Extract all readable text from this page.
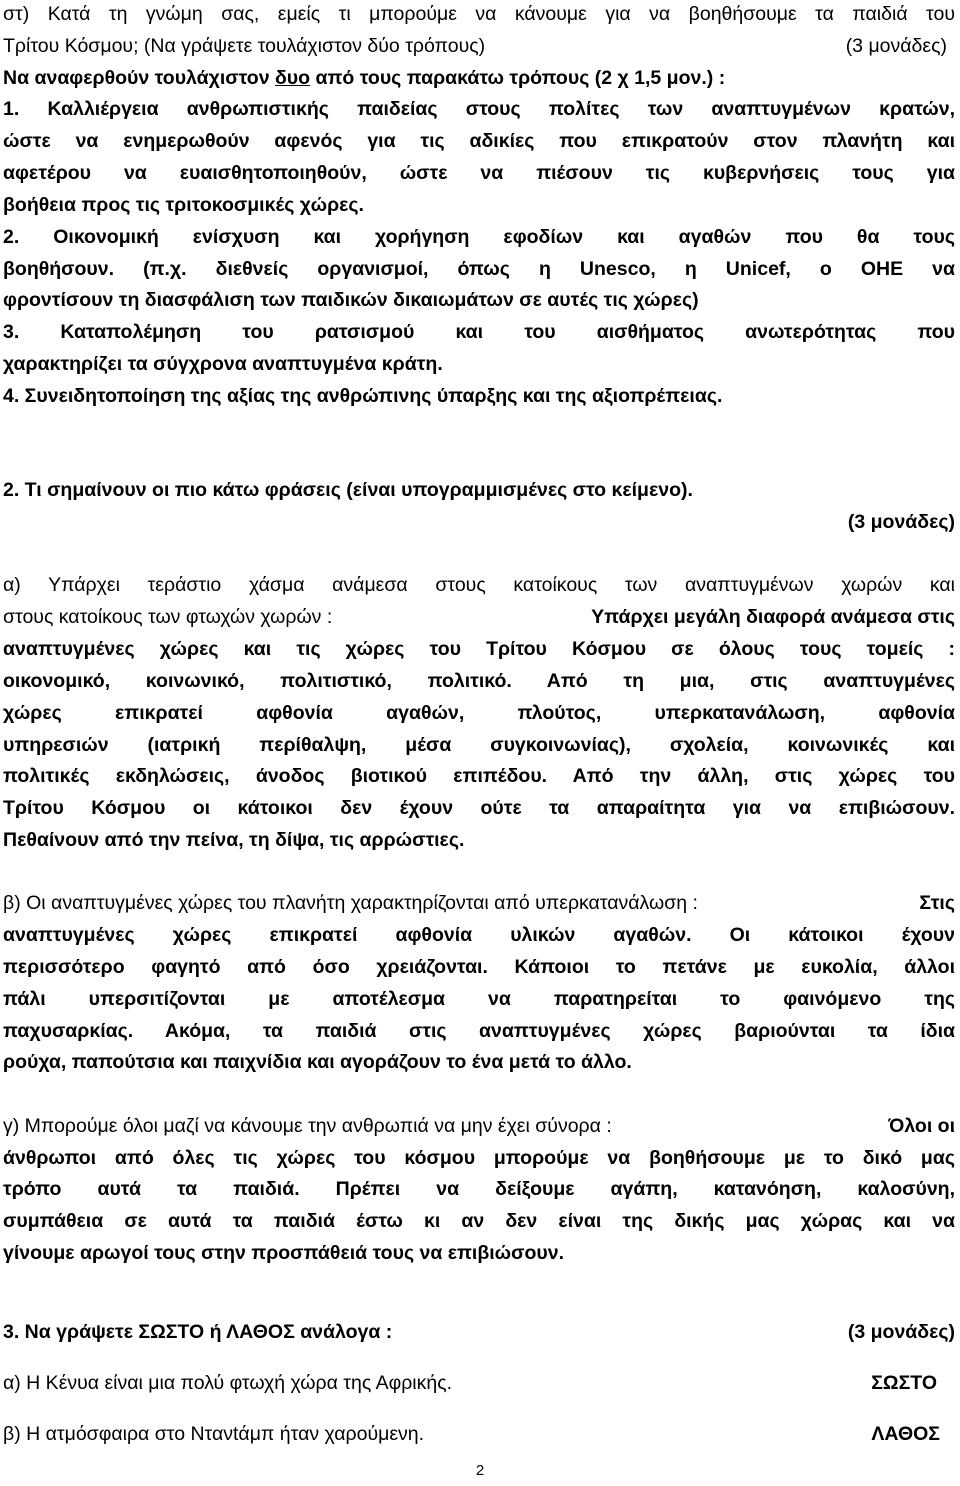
στ) Κατά τη γνώμη σας, εμείς τι μπορούμε να κάνουμε για να βοηθήσουμε τα παιδιά του
Τρίτου Κόσμου; (Να γράψετε τουλάχιστον δύο τρόπους)	(3 μονάδες)
Να αναφερθούν τουλάχιστον δυο από τους παρακάτω τρόπους (2 χ 1,5 μον.) :
1. Καλλιέργεια ανθρωπιστικής παιδείας στους πολίτες των αναπτυγμένων κρατών,
ώστε να ενημερωθούν αφενός για τις αδικίες που επικρατούν στον πλανήτη και
αφετέρου να ευαισθητοποιηθούν, ώστε να πιέσουν τις κυβερνήσεις τους για
βοήθεια προς τις τριτοκοσμικές χώρες.
2. Οικονομική ενίσχυση και χορήγηση εφοδίων και αγαθών που θα τους
βοηθήσουν. (π.χ. διεθνείς οργανισμοί, όπως η Unesco, η Unicef, ο ΟΗΕ να
φροντίσουν τη διασφάλιση των παιδικών δικαιωμάτων σε αυτές τις χώρες)
3. Καταπολέμηση του ρατσισμού και του αισθήματος ανωτερότητας που
χαρακτηρίζει τα σύγχρονα αναπτυγμένα κράτη.
4. Συνειδητοποίηση της αξίας της ανθρώπινης ύπαρξης και της αξιοπρέπειας.
2. Τι σημαίνουν οι πιο κάτω φράσεις (είναι υπογραμμισμένες στο κείμενο).
(3 μονάδες)
α) Υπάρχει τεράστιο χάσμα ανάμεσα στους κατοίκους των αναπτυγμένων χωρών και
στους κατοίκους των φτωχών χωρών :	Υπάρχει μεγάλη διαφορά ανάμεσα στις
αναπτυγμένες χώρες και τις χώρες του Τρίτου Κόσμου σε όλους τους τομείς :
οικονομικό, κοινωνικό, πολιτιστικό, πολιτικό. Από τη μια, στις αναπτυγμένες
χώρες επικρατεί αφθονία αγαθών, πλούτος, υπερκατανάλωση, αφθονία
υπηρεσιών (ιατρική περίθαλψη, μέσα συγκοινωνίας), σχολεία, κοινωνικές και
πολιτικές εκδηλώσεις, άνοδος βιοτικού επιπέδου. Από την άλλη, στις χώρες του
Τρίτου Κόσμου οι κάτοικοι δεν έχουν ούτε τα απαραίτητα για να επιβιώσουν.
Πεθαίνουν από την πείνα, τη δίψα, τις αρρώστιες.
β) Οι αναπτυγμένες χώρες του πλανήτη χαρακτηρίζονται από υπερκατανάλωση :	Στις
αναπτυγμένες χώρες επικρατεί αφθονία υλικών αγαθών. Οι κάτοικοι έχουν
περισσότερο φαγητό από όσο χρειάζονται. Κάποιοι το πετάνε με ευκολία, άλλοι
πάλι υπερσιτίζονται με αποτέλεσμα να παρατηρείται το φαινόμενο της
παχυσαρκίας. Ακόμα, τα παιδιά στις αναπτυγμένες χώρες βαριούνται τα ίδια
ρούχα, παπούτσια και παιχνίδια και αγοράζουν το ένα μετά το άλλο.
γ) Μπορούμε όλοι μαζί να κάνουμε την ανθρωπιά να μην έχει σύνορα :	Όλοι οι
άνθρωποι από όλες τις χώρες του κόσμου μπορούμε να βοηθήσουμε με το δικό μας
τρόπο αυτά τα παιδιά. Πρέπει να δείξουμε αγάπη, κατανόηση, καλοσύνη,
συμπάθεια σε αυτά τα παιδιά έστω κι αν δεν είναι της δικής μας χώρας και να
γίνουμε αρωγοί τους στην προσπάθειά τους να επιβιώσουν.
3. Να γράψετε ΣΩΣΤΟ ή ΛΑΘΟΣ ανάλογα :	(3 μονάδες)
α) Η Κένυα είναι μια πολύ φτωχή χώρα της Αφρικής.	ΣΩΣΤΟ
β) Η ατμόσφαιρα στο Ντανtάμπ ήταν χαρούμενη.	ΛΑΘΟΣ
2
